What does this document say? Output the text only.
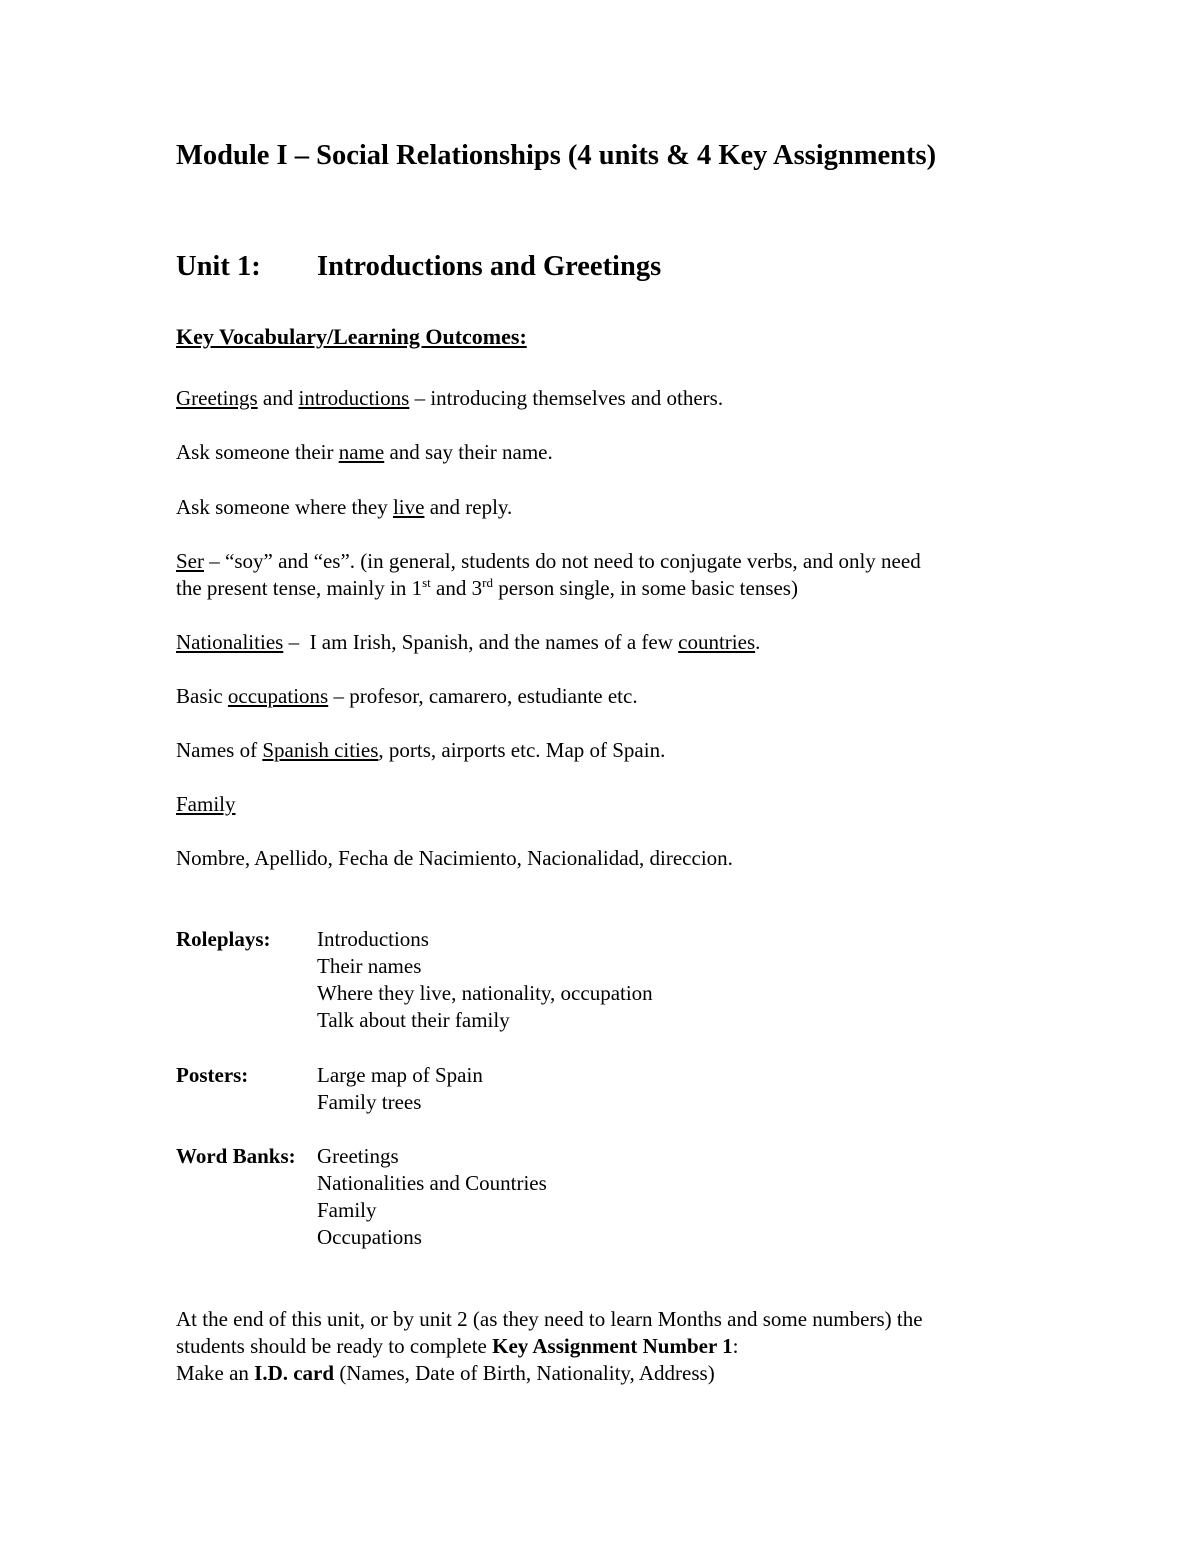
Module I – Social Relationships (4 units & 4 Key Assignments)
Unit 1: Introductions and Greetings
Key Vocabulary/Learning Outcomes:
Greetings and introductions – introducing themselves and others.
Ask someone their name and say their name.
Ask someone where they live and reply.
Ser – “soy” and “es”. (in general, students do not need to conjugate verbs, and only need
the present tense, mainly in 1st and 3rd person single, in some basic tenses)
Nationalities –  I am Irish, Spanish, and the names of a few countries.
Basic occupations – profesor, camarero, estudiante etc.
Names of Spanish cities, ports, airports etc. Map of Spain.
Family
Nombre, Apellido, Fecha de Nacimiento, Nacionalidad, direccion.
Roleplays: Introductions
Their names
Where they live, nationality, occupation
Talk about their family
Posters:	Large map of Spain
Family trees
Word Banks: Greetings
Nationalities and Countries
Family
Occupations
At the end of this unit, or by unit 2 (as they need to learn Months and some numbers) the
students should be ready to complete Key Assignment Number 1:
Make an I.D. card (Names, Date of Birth, Nationality, Address)
